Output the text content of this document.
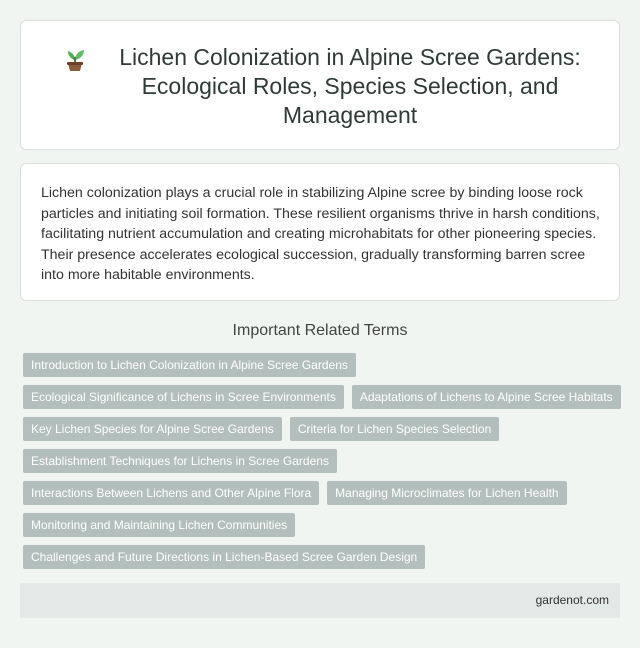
Lichen Colonization in Alpine Scree Gardens: Ecological Roles, Species Selection, and Management

Lichen colonization plays a crucial role in stabilizing Alpine scree by binding loose rock particles and initiating soil formation. These resilient organisms thrive in harsh conditions, facilitating nutrient accumulation and creating microhabitats for other pioneering species. Their presence accelerates ecological succession, gradually transforming barren scree into more habitable environments.

Important Related Terms
Introduction to Lichen Colonization in Alpine Scree Gardens
Ecological Significance of Lichens in Scree Environments	Adaptations of Lichens to Alpine Scree Habitats
Key Lichen Species for Alpine Scree Gardens	Criteria for Lichen Species Selection
Establishment Techniques for Lichens in Scree Gardens
Interactions Between Lichens and Other Alpine Flora	Managing Microclimates for Lichen Health
Monitoring and Maintaining Lichen Communities
Challenges and Future Directions in Lichen-Based Scree Garden Design
gardenot.com
